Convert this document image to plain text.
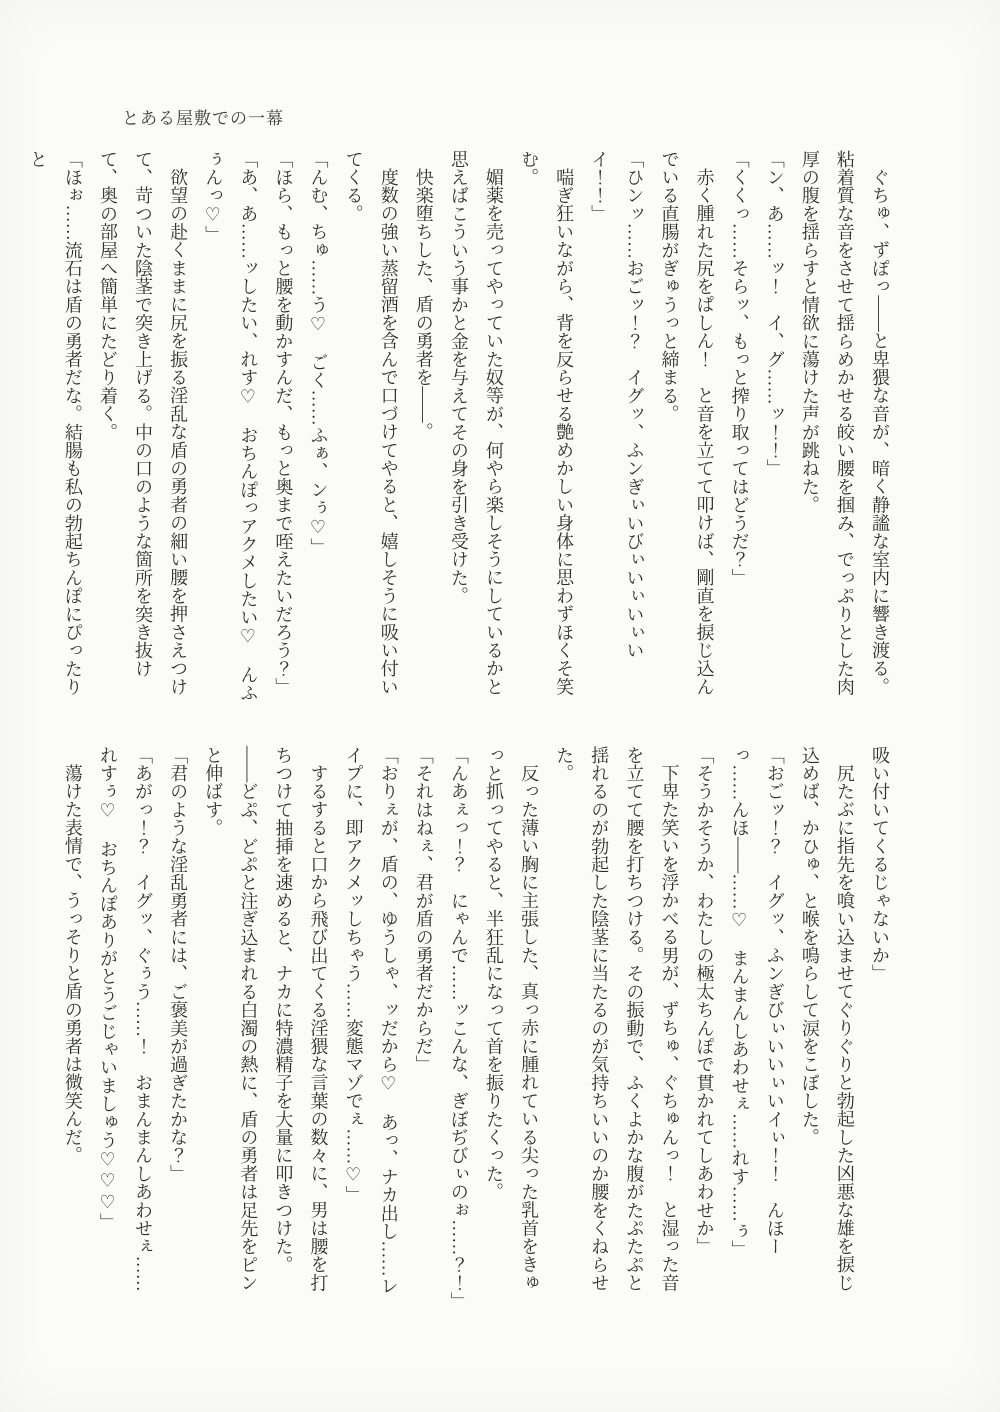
とある屋敷での一幕

ぐちゅ、ずぽっ――と卑猥な音が、暗く静謐な室内に響き渡る。粘着質な音をさせて揺らめかせる皎い腰を掴み、でっぷりとした肉厚の腹を揺らすと情欲に蕩けた声が跳ねた。

「ン、あ……ッ！　イ、グ……ッ！！」

「くくっ……そらッ、もっと搾り取ってはどうだ？」

赤く腫れた尻をぱしん！　と音を立てて叩けば、剛直を捩じ込んでいる直腸がぎゅうっと締まる。

「ひンッ……おごッ！？　イグッ、ふンぎぃいびぃいぃいぃいイ！！」

喘ぎ狂いながら、背を反らせる艶めかしい身体に思わずほくそ笑む。

媚薬を売ってやっていた奴等が、何やら楽しそうにしているかと思えばこういう事かと金を与えてその身を引き受けた。

快楽堕ちした、盾の勇者を――。

度数の強い蒸留酒を含んで口づけてやると、嬉しそうに吸い付いてくる。

「んむ、ちゅ……う♡　ごく……ふぁ、ンぅ♡」

「ほら、もっと腰を動かすんだ、もっと奥まで咥えたいだろう？」

「あ、あ……ッしたい、れす♡　おちんぽっアクメしたい♡　んふぅんっ♡」

欲望の赴くままに尻を振る淫乱な盾の勇者の細い腰を押さえつけて、苛ついた陰茎で突き上げる。中の口のような箇所を突き抜けて、奥の部屋へ簡単にたどり着く。

「ほぉ……流石は盾の勇者だな。結腸も私の勃起ちんぽにぴったりと

吸い付いてくるじゃないか」

尻たぶに指先を喰い込ませてぐりぐりと勃起した凶悪な雄を捩じ込めば、かひゅ、と喉を鳴らして涙をこぼした。

「おごッ！？　イグッ、ふンぎびぃいいぃいイぃ！！　んほーっ……んほ――……♡　まんまんしあわせぇ……れす……ぅ」

「そうかそうか、わたしの極太ちんぽで貫かれてしあわせか」

下卑た笑いを浮かべる男が、ずちゅ、ぐちゅんっ！　と湿った音を立てて腰を打ちつける。その振動で、ふくよかな腹がたぷたぷと揺れるのが勃起した陰茎に当たるのが気持ちいいのか腰をくねらせた。

反った薄い胸に主張した、真っ赤に腫れている尖った乳首をきゅっと抓ってやると、半狂乱になって首を振りたくった。

「んあぇっ！？　にゃんで……ッこんな、ぎぼぢびぃのぉ……？！」

「それはねぇ、君が盾の勇者だからだ」

「おりぇが、盾の、ゆうしゃ、ッだから♡　あっ、ナカ出し……レイプに、即アクメッしちゃう……変態マゾでぇ……♡」

するすると口から飛び出てくる淫猥な言葉の数々に、男は腰を打ちつけて抽挿を速めると、ナカに特濃精子を大量に叩きつけた。――どぷ、どぷと注ぎ込まれる白濁の熱に、盾の勇者は足先をピンと伸ばす。

「君のような淫乱勇者には、ご褒美が過ぎたかな？」

「あがっ！？　イグッ、ぐぅう……！　おまんまんしあわせぇ……れすぅ♡　おちんぽありがとうごじゃいましゅう♡♡♡」

蕩けた表情で、うっそりと盾の勇者は微笑んだ。
